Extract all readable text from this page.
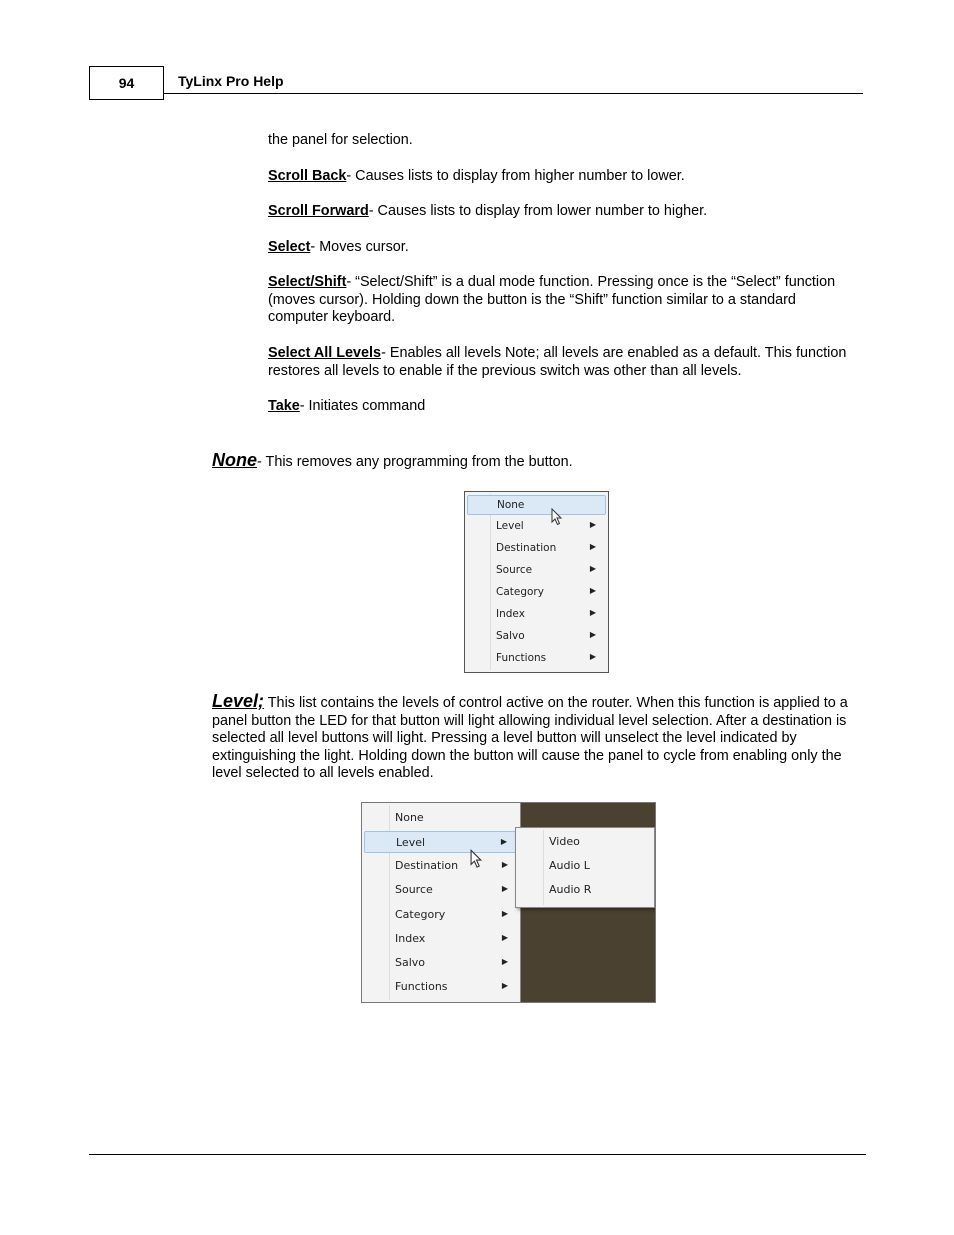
94	TyLinx Pro Help
the panel for selection.
Scroll Back- Causes lists to display from higher number to lower.
Scroll Forward- Causes lists to display from lower number to higher.
Select- Moves cursor.
Select/Shift- “Select/Shift” is a dual mode function. Pressing once is the “Select” function (moves cursor). Holding down the button is the “Shift” function similar to a standard computer keyboard.
Select All Levels- Enables all levels Note; all levels are enabled as a default. This function restores all levels to enable if the previous switch was other than all levels.
Take- Initiates command
None- This removes any programming from the button.
None
Level	▶
Destination	▶
Source	▶
Category	▶
Index	▶
Salvo	▶
Functions	▶
Level; This list contains the levels of control active on the router. When this function is applied to a panel button the LED for that button will light allowing individual level selection. After a destination is selected all level buttons will light. Pressing a level button will unselect the level indicated by extinguishing the light. Holding down the button will cause the panel to cycle from enabling only the level selected to all levels enabled.
None
Level	▶
Destination	▶
Source	▶
Category	▶
Index	▶
Salvo	▶
Functions	▶
Video
Audio L
Audio R
